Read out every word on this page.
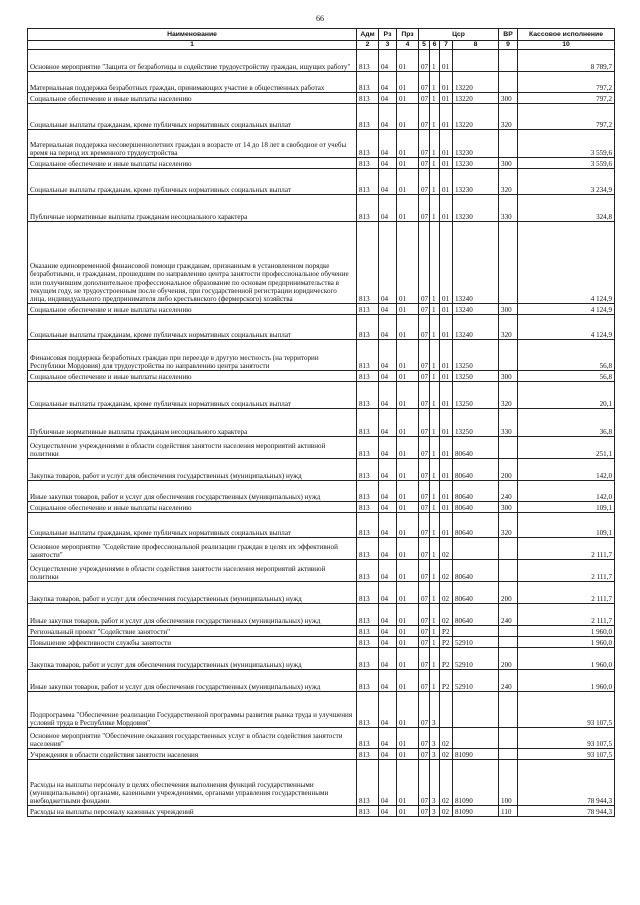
66
Наименование	Адм	Рз	Прз	Цср				ВР	Кассовое исполнение
1	2	3	4	5	6	7	8	9	10
Основное мероприятие "Защита от безработицы и содействие трудоустройству граждан, ищущих работу"	813	04	01	07	1	01			8 789,7
Материальная поддержка безработных граждан, принимающих участие в общественных работах	813	04	01	07	1	01	13220		797,2
Социальное обеспечение и иные выплаты населению	813	04	01	07	1	01	13220	300	797,2
Социальные выплаты гражданам, кроме публичных нормативных социальных выплат	813	04	01	07	1	01	13220	320	797,2
Материальная поддержка несовершеннолетних граждан в возрасте от 14 до 18 лет в свободное от учебы время на период их временного трудоустройства	813	04	01	07	1	01	13230		3 559,6
Социальное обеспечение и иные выплаты населению	813	04	01	07	1	01	13230	300	3 559,6
Социальные выплаты гражданам, кроме публичных нормативных социальных выплат	813	04	01	07	1	01	13230	320	3 234,9
Публичные нормативные выплаты гражданам несоциального характера	813	04	01	07	1	01	13230	330	324,8
Оказание единовременной финансовой помощи гражданам, признанным в установленном порядке безработными, и гражданам, прошедшим по направлению центра занятости профессиональное обучение или получившим дополнительное профессиональное образование по основам предпринимательства в текущем году, не трудоустроенным после обучения, при государственной регистрации юридического лица, индивидуального предпринимателя либо крестьянского (фермерского) хозяйства	813	04	01	07	1	01	13240		4 124,9
Социальное обеспечение и иные выплаты населению	813	04	01	07	1	01	13240	300	4 124,9
Социальные выплаты гражданам, кроме публичных нормативных социальных выплат	813	04	01	07	1	01	13240	320	4 124,9
Финансовая поддержка безработных граждан при переезде в другую местность (на территории Республики Мордовия) для трудоустройства по направлению центра занятости	813	04	01	07	1	01	13250		56,8
Социальное обеспечение и иные выплаты населению	813	04	01	07	1	01	13250	300	56,8
Социальные выплаты гражданам, кроме публичных нормативных социальных выплат	813	04	01	07	1	01	13250	320	20,1
Публичные нормативные выплаты гражданам несоциального характера	813	04	01	07	1	01	13250	330	36,8
Осуществление учреждениями в области содействия занятости населения мероприятий активной политики	813	04	01	07	1	01	80640		251,1
Закупка товаров, работ и услуг для обеспечения государственных (муниципальных) нужд	813	04	01	07	1	01	80640	200	142,0
Иные закупки товаров, работ и услуг для обеспечения государственных (муниципальных) нужд	813	04	01	07	1	01	80640	240	142,0
Социальное обеспечение и иные выплаты населению	813	04	01	07	1	01	80640	300	109,1
Социальные выплаты гражданам, кроме публичных нормативных социальных выплат	813	04	01	07	1	01	80640	320	109,1
Основное мероприятие "Содействие профессиональной реализации граждан в целях их эффективной занятости"	813	04	01	07	1	02			2 111,7
Осуществление учреждениями в области содействия занятости населения мероприятий активной политики	813	04	01	07	1	02	80640		2 111,7
Закупка товаров, работ и услуг для обеспечения государственных (муниципальных) нужд	813	04	01	07	1	02	80640	200	2 111,7
Иные закупки товаров, работ и услуг для обеспечения государственных (муниципальных) нужд	813	04	01	07	1	02	80640	240	2 111,7
Региональный проект "Содействие занятости"	813	04	01	07	1	P2			1 960,0
Повышение эффективности службы занятости	813	04	01	07	1	P2	52910		1 960,0
Закупка товаров, работ и услуг для обеспечения государственных (муниципальных) нужд	813	04	01	07	1	P2	52910	200	1 960,0
Иные закупки товаров, работ и услуг для обеспечения государственных (муниципальных) нужд	813	04	01	07	1	P2	52910	240	1 960,0
Подпрограмма "Обеспечение реализации Государственной программы развития рынка труда и улучшения условий труда в Республике Мордовия"	813	04	01	07	3				93 107,5
Основное мероприятие "Обеспечение оказания государственных услуг в области содействия занятости населения"	813	04	01	07	3	02			93 107,5
Учреждения в области содействия занятости населения	813	04	01	07	3	02	81090		93 107,5
Расходы на выплаты персоналу в целях обеспечения выполнения функций государственными (муниципальными) органами, казенными учреждениями, органами управления государственными внебюджетными фондами	813	04	01	07	3	02	81090	100	78 944,3
Расходы на выплаты персоналу казенных учреждений	813	04	01	07	3	02	81090	110	78 944,3
